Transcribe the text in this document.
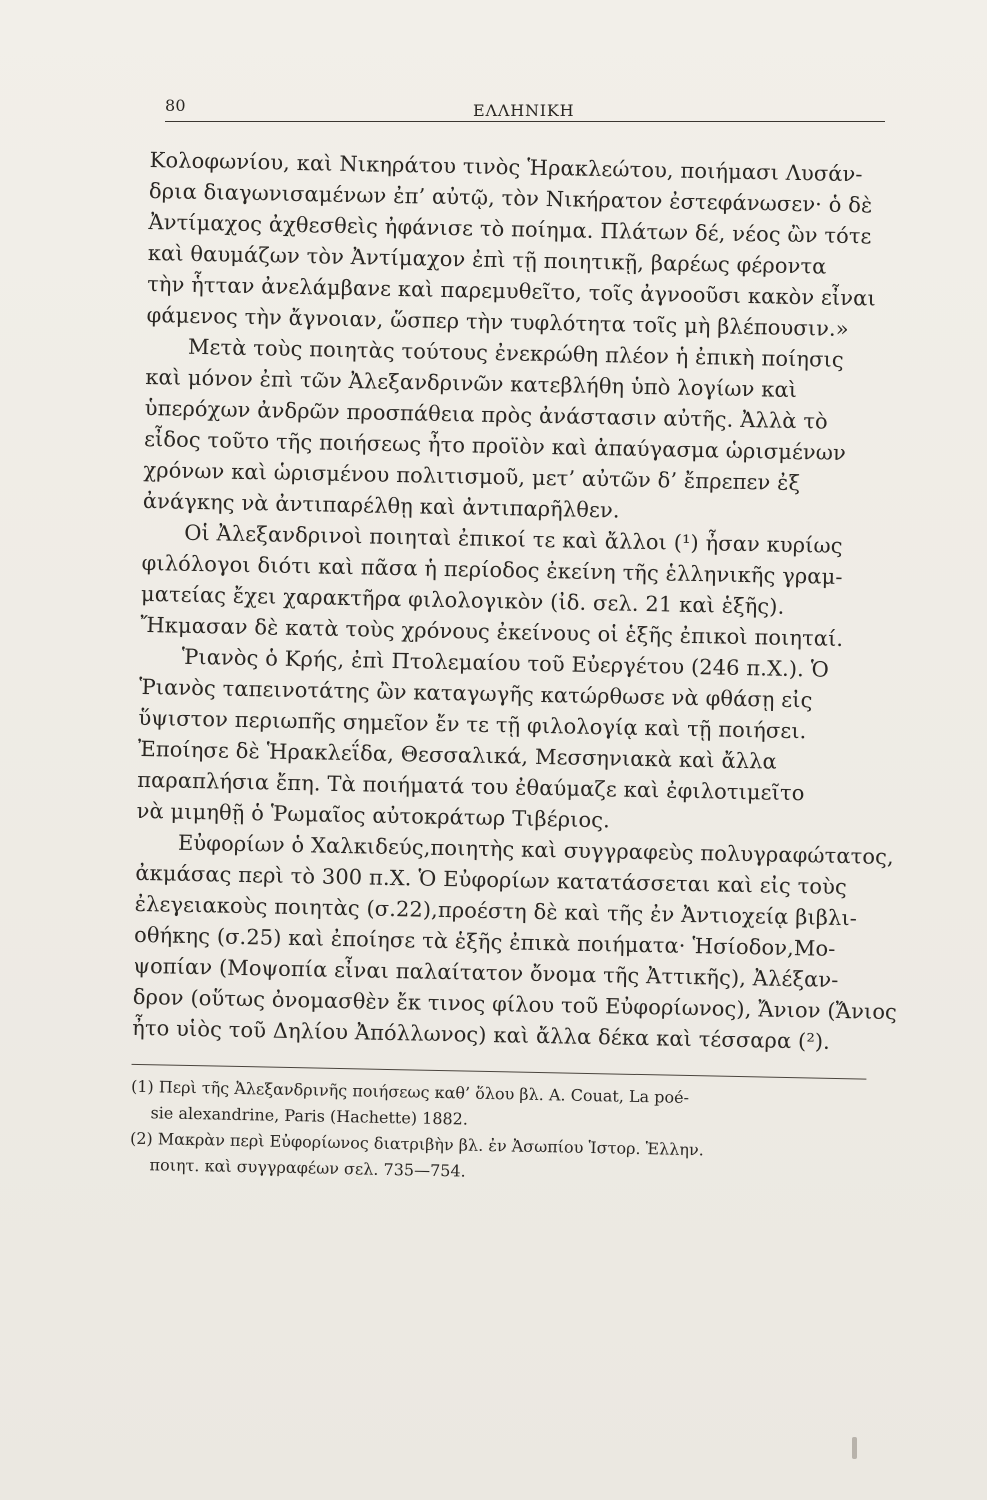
80	ΕΛΛΗΝΙΚΗ
Κολοφωνίου, καὶ Νικηράτου τινὸς Ἡρακλεώτου, ποιήμασι Λυσάν-
δρια διαγωνισαμένων ἐπ’ αὐτῷ, τὸν Νικήρατον ἐστεφάνωσεν· ὁ δὲ
Ἀντίμαχος ἀχθεσθεὶς ἠφάνισε τὸ ποίημα. Πλάτων δέ, νέος ὢν τότε
καὶ θαυμάζων τὸν Ἀντίμαχον ἐπὶ τῇ ποιητικῇ, βαρέως φέροντα
τὴν ἧτταν ἀνελάμβανε καὶ παρεμυθεῖτο, τοῖς ἀγνοοῦσι κακὸν εἶναι
φάμενος τὴν ἄγνοιαν, ὥσπερ τὴν τυφλότητα τοῖς μὴ βλέπουσιν.»
Μετὰ τοὺς ποιητὰς τούτους ἐνεκρώθη πλέον ἡ ἐπικὴ ποίησις
καὶ μόνον ἐπὶ τῶν Ἀλεξανδρινῶν κατεβλήθη ὑπὸ λογίων καὶ
ὑπερόχων ἀνδρῶν προσπάθεια πρὸς ἀνάστασιν αὐτῆς. Ἀλλὰ τὸ
εἶδος τοῦτο τῆς ποιήσεως ἦτο προϊὸν καὶ ἀπαύγασμα ὡρισμένων
χρόνων καὶ ὡρισμένου πολιτισμοῦ, μετ’ αὐτῶν δ’ ἔπρεπεν ἐξ
ἀνάγκης νὰ ἀντιπαρέλθῃ καὶ ἀντιπαρῆλθεν.
Οἱ Ἀλεξανδρινοὶ ποιηταὶ ἐπικοί τε καὶ ἄλλοι (¹) ἦσαν κυρίως
φιλόλογοι διότι καὶ πᾶσα ἡ περίοδος ἐκείνη τῆς ἑλληνικῆς γραμ-
ματείας ἔχει χαρακτῆρα φιλολογικὸν (ἰδ. σελ. 21 καὶ ἑξῆς).
Ἤκμασαν δὲ κατὰ τοὺς χρόνους ἐκείνους οἱ ἑξῆς ἐπικοὶ ποιηταί.
Ῥιανὸς ὁ Κρής, ἐπὶ Πτολεμαίου τοῦ Εὐεργέτου (246 π.Χ.). Ὁ
Ῥιανὸς ταπεινοτάτης ὢν καταγωγῆς κατώρθωσε νὰ φθάσῃ εἰς
ὕψιστον περιωπῆς σημεῖον ἔν τε τῇ φιλολογίᾳ καὶ τῇ ποιήσει.
Ἐποίησε δὲ Ἡρακλεΐδα, Θεσσαλικά, Μεσσηνιακὰ καὶ ἄλλα
παραπλήσια ἔπη. Τὰ ποιήματά του ἐθαύμαζε καὶ ἐφιλοτιμεῖτο
νὰ μιμηθῇ ὁ Ῥωμαῖος αὐτοκράτωρ Τιβέριος.
Εὐφορίων ὁ Χαλκιδεύς,ποιητὴς καὶ συγγραφεὺς πολυγραφώτατος,
ἀκμάσας περὶ τὸ 300 π.Χ. Ὁ Εὐφορίων κατατάσσεται καὶ εἰς τοὺς
ἐλεγειακοὺς ποιητὰς (σ.22),προέστη δὲ καὶ τῆς ἐν Ἀντιοχείᾳ βιβλι-
οθήκης (σ.25) καὶ ἐποίησε τὰ ἑξῆς ἐπικὰ ποιήματα· Ἡσίοδον,Μο-
ψοπίαν (Μοψοπία εἶναι παλαίτατον ὄνομα τῆς Ἀττικῆς), Ἀλέξαν-
δρον (οὕτως ὀνομασθὲν ἔκ τινος φίλου τοῦ Εὐφορίωνος), Ἄνιον (Ἄνιος
ἦτο υἱὸς τοῦ Δηλίου Ἀπόλλωνος) καὶ ἄλλα δέκα καὶ τέσσαρα (²).
(1) Περὶ τῆς Ἀλεξανδρινῆς ποιήσεως καθ’ ὅλου βλ. A. Couat, La poé-
sie alexandrine, Paris (Hachette) 1882.
(2) Μακρὰν περὶ Εὐφορίωνος διατριβὴν βλ. ἐν Ἀσωπίου Ἱστορ. Ἑλλην.
ποιητ. καὶ συγγραφέων σελ. 735—754.
